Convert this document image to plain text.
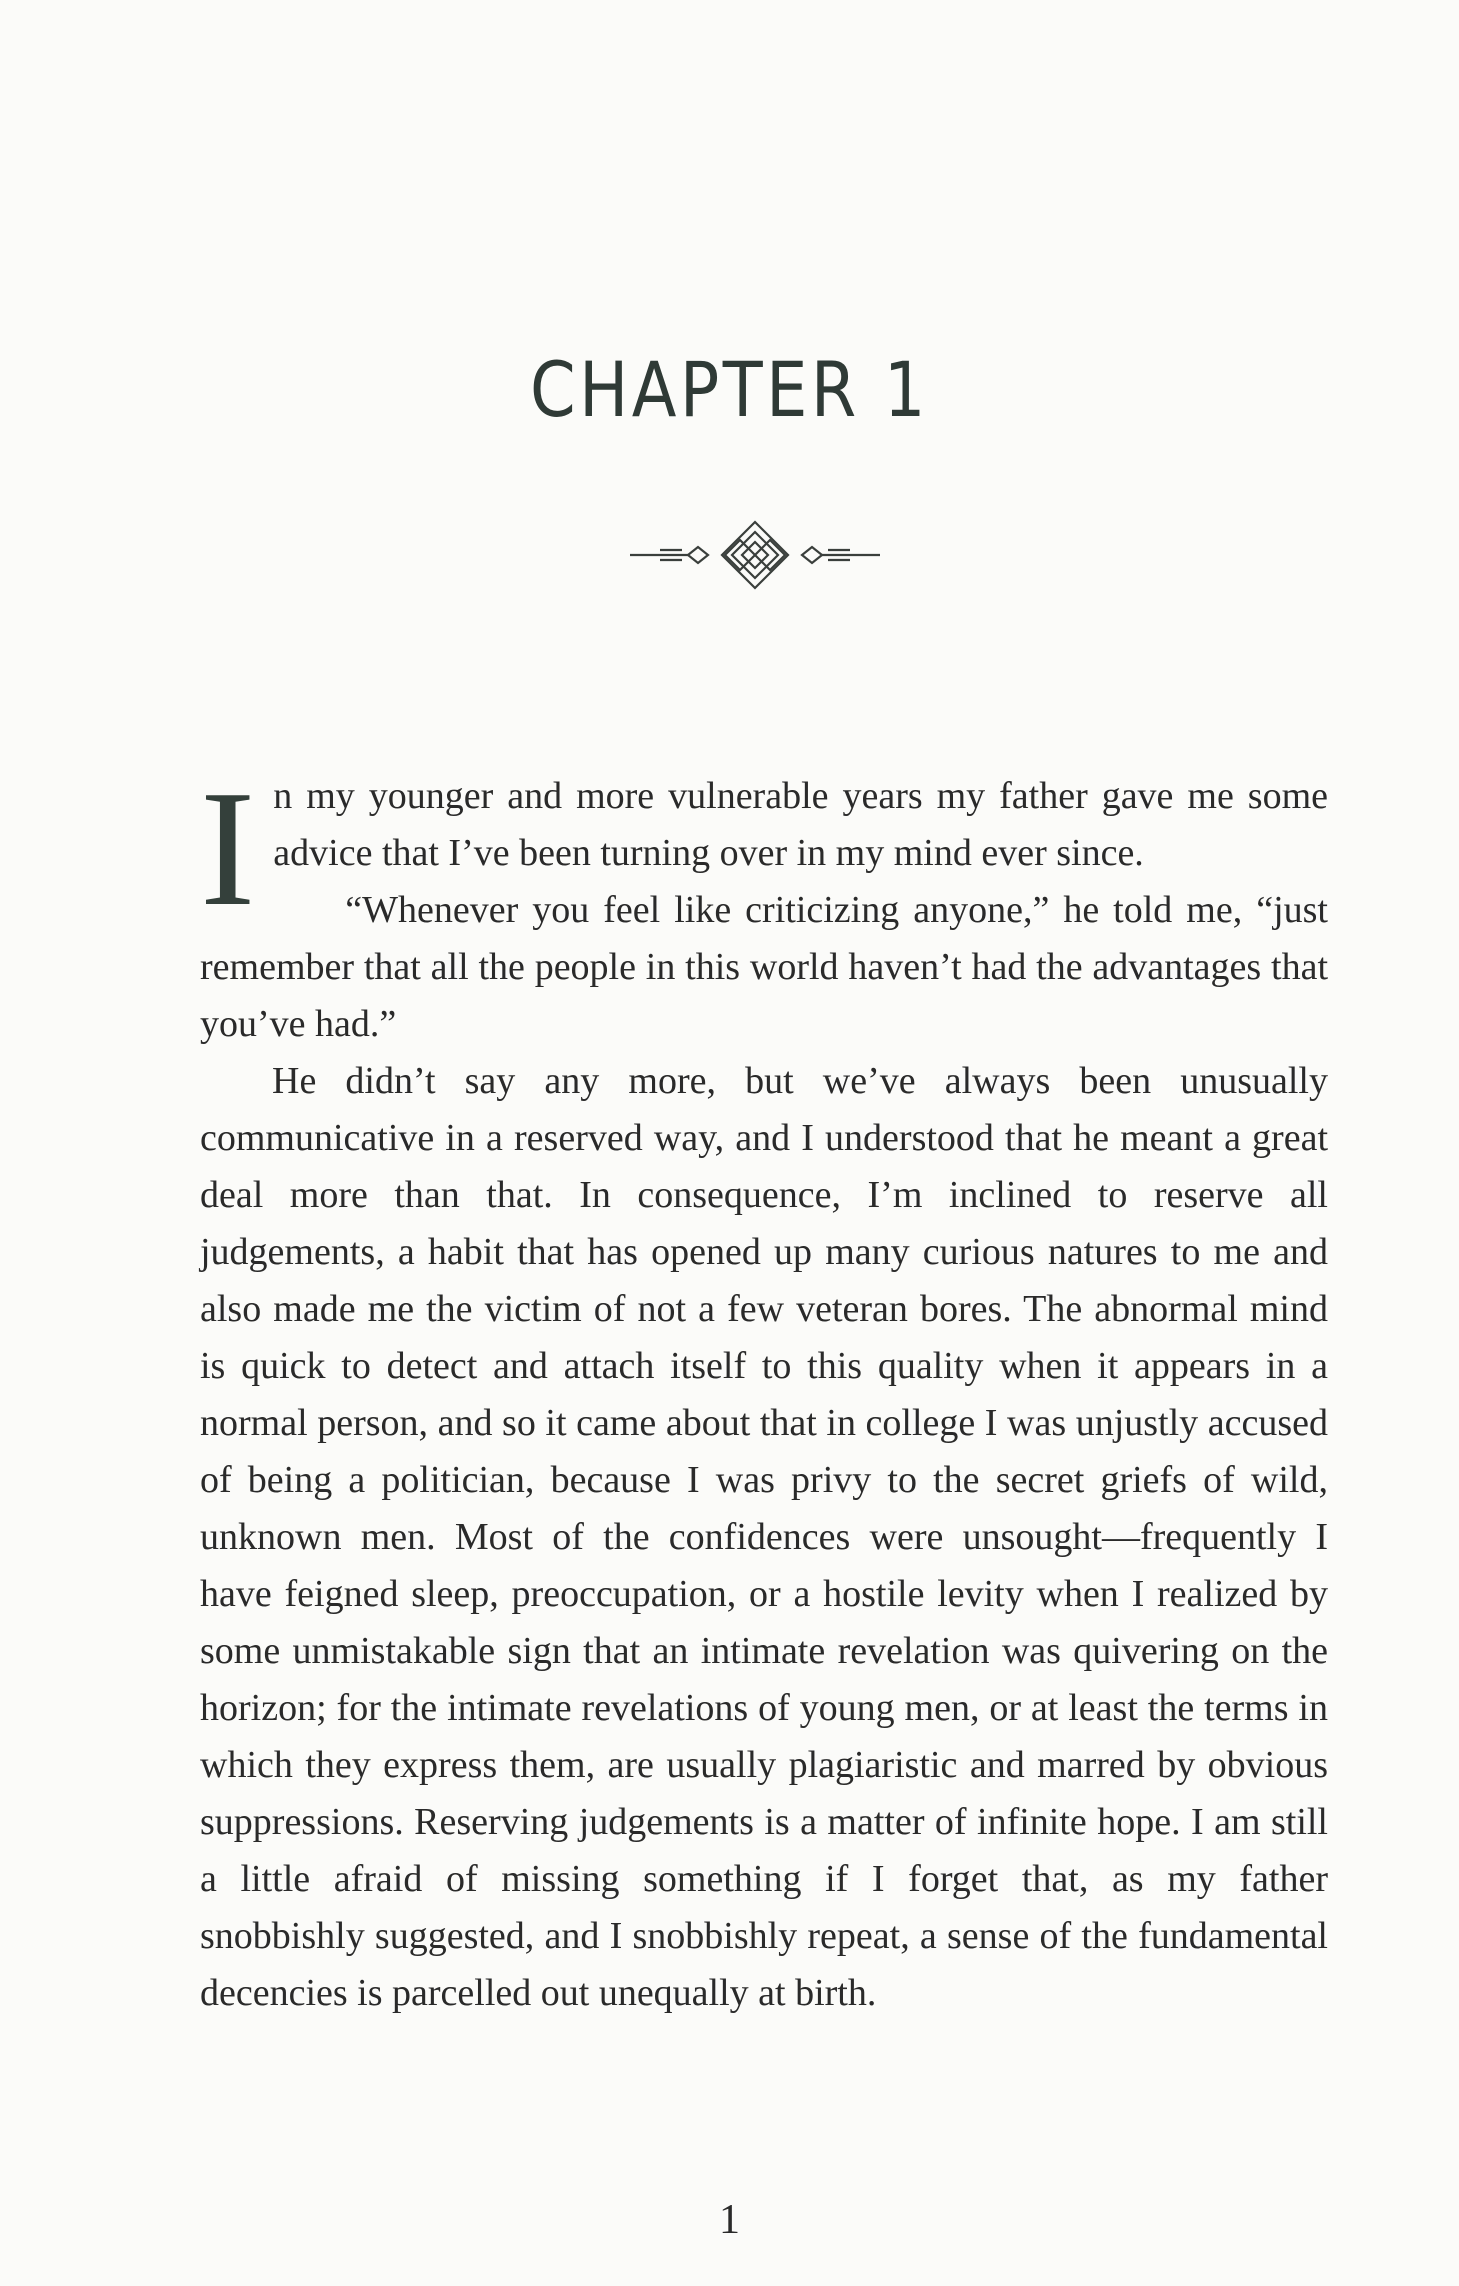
CHAPTER 1

In my younger and more vulnerable years my father gave me some advice that I’ve been turning over in my mind ever since.

“Whenever you feel like criticizing anyone,” he told me, “just remember that all the people in this world haven’t had the advantages that you’ve had.”

He didn’t say any more, but we’ve always been unusually communicative in a reserved way, and I understood that he meant a great deal more than that. In consequence, I’m inclined to reserve all judgements, a habit that has opened up many curious natures to me and also made me the victim of not a few veteran bores. The abnormal mind is quick to detect and attach itself to this quality when it appears in a normal person, and so it came about that in college I was unjustly accused of being a politician, because I was privy to the secret griefs of wild, unknown men. Most of the confidences were unsought—frequently I have feigned sleep, preoccupation, or a hostile levity when I realized by some unmistakable sign that an intimate revelation was quivering on the horizon; for the intimate revelations of young men, or at least the terms in which they express them, are usually plagiaristic and marred by obvious suppressions. Reserving judgements is a matter of infinite hope. I am still a little afraid of missing something if I forget that, as my father snobbishly suggested, and I snobbishly repeat, a sense of the fundamental decencies is parcelled out unequally at birth.

1
